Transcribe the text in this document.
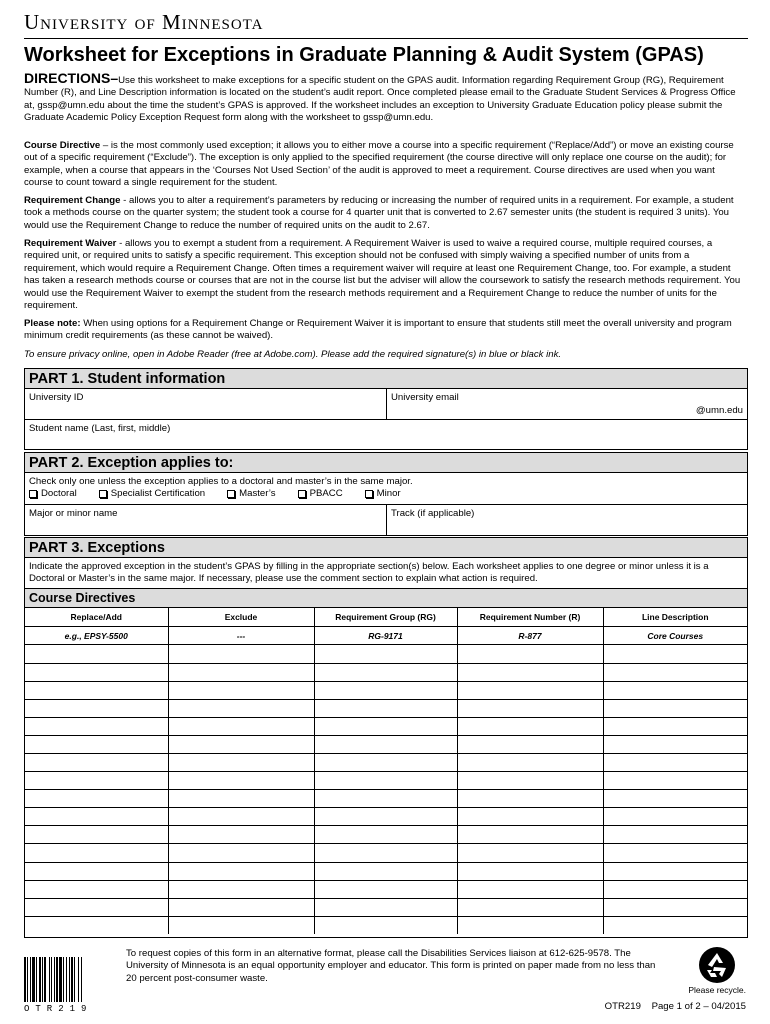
University of Minnesota
Worksheet for Exceptions in Graduate Planning & Audit System (GPAS)
DIRECTIONS–Use this worksheet to make exceptions for a specific student on the GPAS audit. Information regarding Requirement Group (RG), Requirement Number (R), and Line Description information is located on the student’s audit report. Once completed please email to the Graduate Student Services & Progress Office at, gssp@umn.edu about the time the student’s GPAS is approved. If the worksheet includes an exception to University Graduate Education policy please submit the Graduate Academic Policy Exception Request form along with the worksheet to gssp@umn.edu.
Course Directive – is the most commonly used exception; it allows you to either move a course into a specific requirement (“Replace/Add”) or move an existing course out of a specific requirement (“Exclude”). The exception is only applied to the specified requirement (the course directive will only replace one course on the audit); for example, when a course that appears in the ‘Courses Not Used Section’ of the audit is approved to meet a requirement. Course directives are used when you want course to count toward a single requirement for the student.
Requirement Change - allows you to alter a requirement’s parameters by reducing or increasing the number of required units in a requirement. For example, a student took a methods course on the quarter system; the student took a course for 4 quarter unit that is converted to 2.67 semester units (the student is required 3 units). You would use the Requirement Change to reduce the number of required units on the audit to 2.67.
Requirement Waiver - allows you to exempt a student from a requirement. A Requirement Waiver is used to waive a required course, multiple required courses, a required unit, or required units to satisfy a specific requirement. This exception should not be confused with simply waiving a specified number of units from a requirement, which would require a Requirement Change. Often times a requirement waiver will require at least one Requirement Change, too. For example, a student has taken a research methods course or courses that are not in the course list but the adviser will allow the coursework to satisfy the research methods requirement. You would use the Requirement Waiver to exempt the student from the research methods requirement and a Requirement Change to reduce the number of units for the requirement.
Please note: When using options for a Requirement Change or Requirement Waiver it is important to ensure that students still meet the overall university and program minimum credit requirements (as these cannot be waived).
To ensure privacy online, open in Adobe Reader (free at Adobe.com). Please add the required signature(s) in blue or black ink.
PART 1. Student information
University ID	University email
@umn.edu
Student name (Last, first, middle)
PART 2. Exception applies to:
Check only one unless the exception applies to a doctoral and master’s in the same major.
Doctoral	Specialist Certification	Master’s	PBACC	Minor
Major or minor name	Track (if applicable)
PART 3. Exceptions
Indicate the approved exception in the student’s GPAS by filling in the appropriate section(s) below. Each worksheet applies to one degree or minor unless it is a Doctoral or Master’s in the same major. If necessary, please use the comment section to explain what action is required.
Course Directives
Replace/Add	Exclude	Requirement Group (RG)	Requirement Number (R)	Line Description
e.g., EPSY-5500	---	RG-9171	R-877	Core Courses

OTR219
To request copies of this form in an alternative format, please call the Disabilities Services liaison at 612-625-9578. The University of Minnesota is an equal opportunity employer and educator. This form is printed on paper made from no less than 20 percent post-consumer waste.
Please recycle.
OTR219    Page 1 of 2 – 04/2015
